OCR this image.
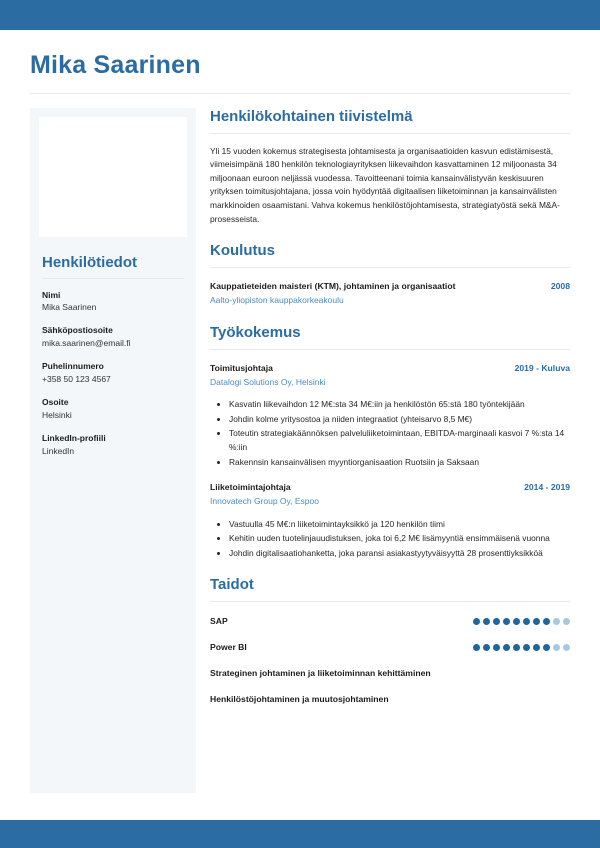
Mika Saarinen
Henkilötiedot
Nimi
Mika Saarinen
Sähköpostiosoite
mika.saarinen@email.fi
Puhelinnumero
+358 50 123 4567
Osoite
Helsinki
LinkedIn-profiili
LinkedIn
Henkilökohtainen tiivistelmä

Yli 15 vuoden kokemus strategisesta johtamisesta ja organisaatioiden kasvun edistämisestä, viimeisimpänä 180 henkilön teknologiayrityksen liikevaihdon kasvattaminen 12 miljoonasta 34 miljoonaan euroon neljässä vuodessa. Tavoitteenani toimia kansainvälistyvän keskisuuren yrityksen toimitusjohtajana, jossa voin hyödyntää digitaalisen liiketoiminnan ja kansainvälisten markkinoiden osaamistani. Vahva kokemus henkilöstöjohtamisesta, strategiatyöstä sekä M&A-prosesseista.

Koulutus
Kauppatieteiden maisteri (KTM), johtaminen ja organisaatiot	2008
Aalto-yliopiston kauppakorkeakoulu
Työkokemus
Toimitusjohtaja	2019 - Kuluva
Datalogi Solutions Oy, Helsinki
• Kasvatin liikevaihdon 12 M€:sta 34 M€:iin ja henkilöstön 65:stä 180 työntekijään
• Johdin kolme yritysostoa ja niiden integraatiot (yhteisarvo 8,5 M€)
• Toteutin strategiakäännöksen palveluliiketoimintaan, EBITDA-marginaali kasvoi 7 %:sta 14 %:iin
• Rakennsin kansainvälisen myyntiorganisaation Ruotsiin ja Saksaan
Liiketoimintajohtaja	2014 - 2019
Innovatech Group Oy, Espoo
• Vastuulla 45 M€:n liiketoimintayksikkö ja 120 henkilön tiimi
• Kehitin uuden tuotelinjauudistuksen, joka toi 6,2 M€ lisämyyntiä ensimmäisenä vuonna
• Johdin digitalisaatiohanketta, joka paransi asiakastyytyväisyyttä 28 prosenttiyksikköä
Taidot
SAP
Power BI
Strateginen johtaminen ja liiketoiminnan kehittäminen
Henkilöstöjohtaminen ja muutosjohtaminen
